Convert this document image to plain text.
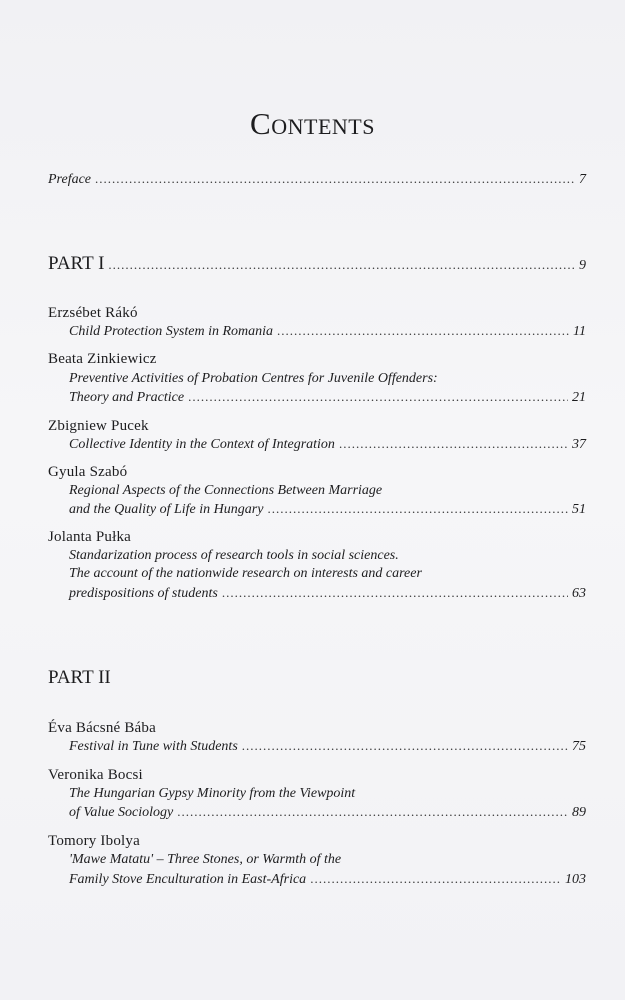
Contents
Preface .....	7
PART I .....	9
Erzsébet Rákó
Child Protection System in Romania .....	11
Beata Zinkiewicz
Preventive Activities of Probation Centres for Juvenile Offenders:
Theory and Practice .....	21
Zbigniew Pucek
Collective Identity in the Context of Integration .....	37
Gyula Szabó
Regional Aspects of the Connections Between Marriage
and the Quality of Life in Hungary .....	51
Jolanta Pułka
Standarization process of research tools in social sciences.
The account of the nationwide research on interests and career
predispositions of students .....	63
PART II
Éva Bácsné Bába
Festival in Tune with Students .....	75
Veronika Bocsi
The Hungarian Gypsy Minority from the Viewpoint
of Value Sociology .....	89
Tomory Ibolya
'Mawe Matatu' – Three Stones, or Warmth of the
Family Stove Enculturation in East-Africa .....	103
